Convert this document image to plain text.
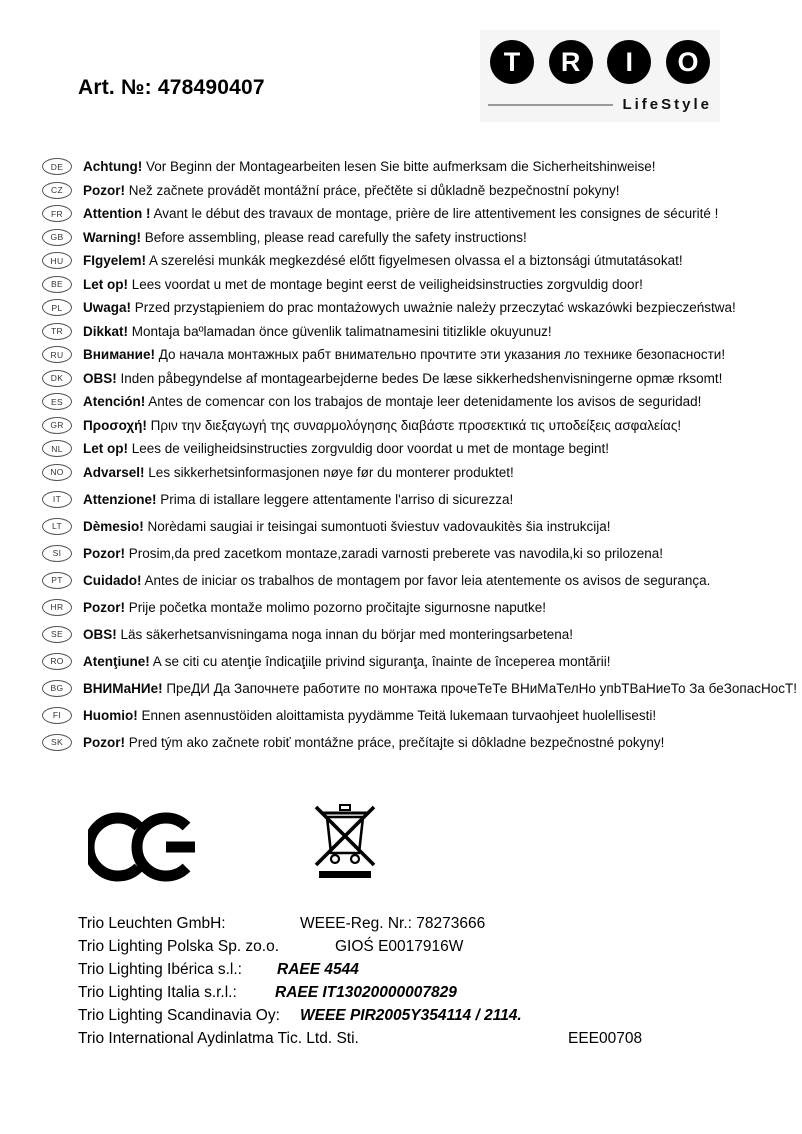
Art. №: 478490407
T	R	I	O
LifeStyle
DE	Achtung! Vor Beginn der Montagearbeiten lesen Sie bitte aufmerksam die Sicherheitshinweise!
CZ	Pozor! Než začnete provádět montážní práce, přečtěte si důkladně bezpečnostní pokyny!
FR	Attention ! Avant le début des travaux de montage, prière de lire attentivement les consignes de sécurité !
GB	Warning! Before assembling, please read carefully the safety instructions!
HU	FIgyelem! A szerelési munkák megkezdésé előtt figyelmesen olvassa el a biztonsági útmutatásokat!
BE	Let op! Lees voordat u met de montage begint eerst de veiligheidsinstructies zorgvuldig door!
PL	Uwaga! Przed przystąpieniem do prac montażowych uważnie należy przeczytać wskazówki bezpieczeństwa!
TR	Dikkat! Montaja baºlamadan önce güvenlik talimatnamesini titizlikle okuyunuz!
RU	Внимание! До начала монтажных рабт внимательно прочтите эти указания ло технике безопасности!
DK	OBS! Inden påbegyndelse af montagearbejderne bedes De læse sikkerhedshenvisningerne opmæ rksomt!
ES	Atención! Antes de comencar con los trabajos de montaje leer detenidamente los avisos de seguridad!
GR	Προσοχή! Πριν την διεξαγωγή της συναρμολόγησης διαβάστε προσεκτικά τις υποδείξεις ασφαλείας!
NL	Let op! Lees de veiligheidsinstructies zorgvuldig door voordat u met de montage begint!
NO	Advarsel! Les sikkerhetsinformasjonen nøye før du monterer produktet!
IT	Attenzione! Prima di istallare leggere attentamente l'arriso di sicurezza!
LT	Dèmesio! Norèdami saugiai ir teisingai sumontuoti šviestuv vadovaukitès šia instrukcija!
SI	Pozor! Prosim,da pred zacetkom montaze,zaradi varnosti preberete vas navodila,ki so prilozena!
PT	Cuidado! Antes de iniciar os trabalhos de montagem por favor leia atentemente os avisos de segurança.
HR	Pozor! Prije početka montaže molimo pozorno pročitajte sigurnosne naputke!
SE	OBS! Läs säkerhetsanvisningama noga innan du börjar med monteringsarbetena!
RO	Atenţiune! A se citi cu atenţie îndicaţiile privind siguranţa, înainte de începerea montării!
BG	ВНИМаНИе! ПреДИ Да Започнете работите по монтажа прочеТеТе ВНиМаТелНо упbТВаНиеТо За беЗопасНосТ!
FI	Huomio! Ennen asennustöiden aloittamista pyydämme Teitä lukemaan turvaohjeet huolellisesti!
SK	Pozor! Pred tým ako začnete robiť montážne práce, prečítajte si dôkladne bezpečnostné pokyny!
Trio Leuchten GmbH:	WEEE-Reg. Nr.: 78273666
Trio Lighting Polska Sp. zo.o.	GIOŚ E0017916W
Trio Lighting Ibérica s.l.:	RAEE 4544
Trio Lighting Italia s.r.l.:	RAEE IT13020000007829
Trio Lighting Scandinavia Oy:	WEEE PIR2005Y354114 / 2114.
Trio International Aydinlatma Tic. Ltd. Sti.	EEE00708
